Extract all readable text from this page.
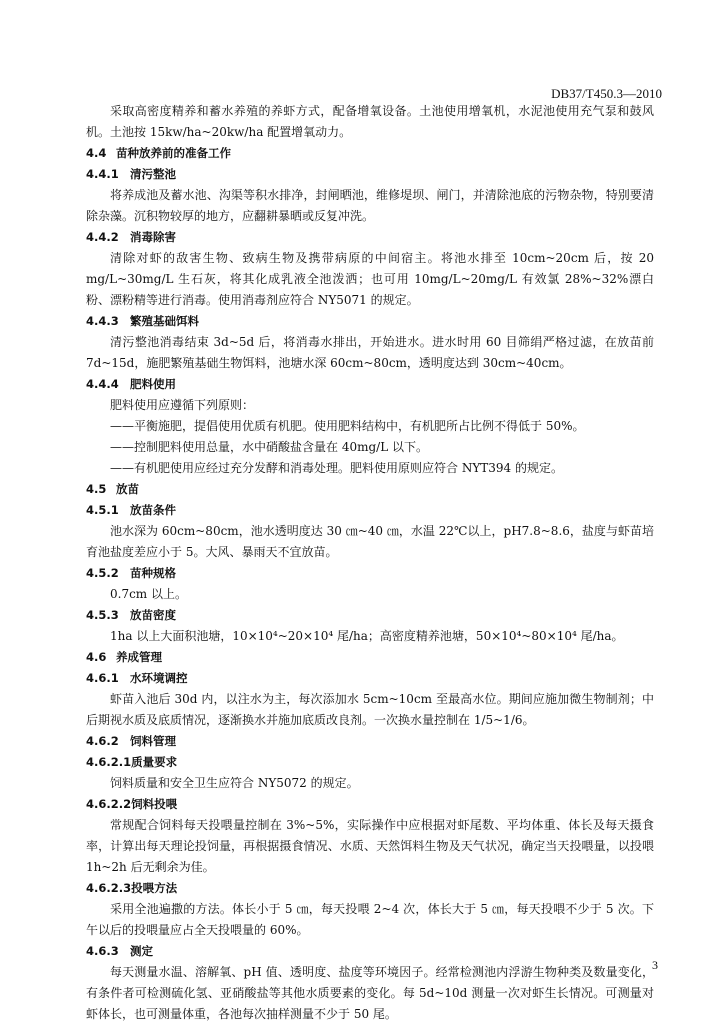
DB37/T450.3—2010

采取高密度精养和蓄水养殖的养虾方式，配备增氧设备。土池使用增氧机，水泥池使用充气泵和鼓风机。土池按 15kw/ha~20kw/ha 配置增氧动力。

4.4 苗种放养前的准备工作
4.4.1 清污整池

将养成池及蓄水池、沟渠等积水排净，封闸晒池，维修堤坝、闸门，并清除池底的污物杂物，特别要清除杂藻。沉积物较厚的地方，应翻耕暴晒或反复冲洗。

4.4.2 消毒除害

清除对虾的敌害生物、致病生物及携带病原的中间宿主。将池水排至 10cm~20cm 后，按 20 mg/L~30mg/L 生石灰，将其化成乳液全池泼洒；也可用 10mg/L~20mg/L 有效氯 28%~32%漂白粉、漂粉精等进行消毒。使用消毒剂应符合 NY5071 的规定。

4.4.3 繁殖基础饵料

清污整池消毒结束 3d~5d 后，将消毒水排出，开始进水。进水时用 60 目筛绢严格过滤，在放苗前 7d~15d，施肥繁殖基础生物饵料，池塘水深 60cm~80cm，透明度达到 30cm~40cm。

4.4.4 肥料使用

肥料使用应遵循下列原则：

——平衡施肥，提倡使用优质有机肥。使用肥料结构中，有机肥所占比例不得低于 50%。

——控制肥料使用总量，水中硝酸盐含量在 40mg/L 以下。

——有机肥使用应经过充分发酵和消毒处理。肥料使用原则应符合 NYT394 的规定。

4.5 放苗
4.5.1 放苗条件

池水深为 60cm~80cm，池水透明度达 30 ㎝~40 ㎝，水温 22℃以上，pH7.8~8.6，盐度与虾苗培育池盐度差应小于 5。大风、暴雨天不宜放苗。

4.5.2 苗种规格

0.7cm 以上。

4.5.3 放苗密度

1ha 以上大面积池塘，10×10⁴~20×10⁴ 尾/ha；高密度精养池塘，50×10⁴~80×10⁴ 尾/ha。

4.6 养成管理
4.6.1 水环境调控

虾苗入池后 30d 内，以注水为主，每次添加水 5cm~10cm 至最高水位。期间应施加微生物制剂；中后期视水质及底质情况，逐渐换水并施加底质改良剂。一次换水量控制在 1/5~1/6。

4.6.2 饲料管理
4.6.2.1质量要求

饲料质量和安全卫生应符合 NY5072 的规定。

4.6.2.2饲料投喂

常规配合饲料每天投喂量控制在 3%~5%，实际操作中应根据对虾尾数、平均体重、体长及每天摄食率，计算出每天理论投饲量，再根据摄食情况、水质、天然饵料生物及天气状况，确定当天投喂量，以投喂 1h~2h 后无剩余为佳。

4.6.2.3投喂方法

采用全池遍撒的方法。体长小于 5 ㎝，每天投喂 2~4 次，体长大于 5 ㎝，每天投喂不少于 5 次。下午以后的投喂量应占全天投喂量的 60%。

4.6.3 测定

每天测量水温、溶解氧、pH 值、透明度、盐度等环境因子。经常检测池内浮游生物种类及数量变化，有条件者可检测硫化氢、亚硝酸盐等其他水质要素的变化。每 5d~10d 测量一次对虾生长情况。可测量对虾体长，也可测量体重，各池每次抽样测量不少于 50 尾。

3
